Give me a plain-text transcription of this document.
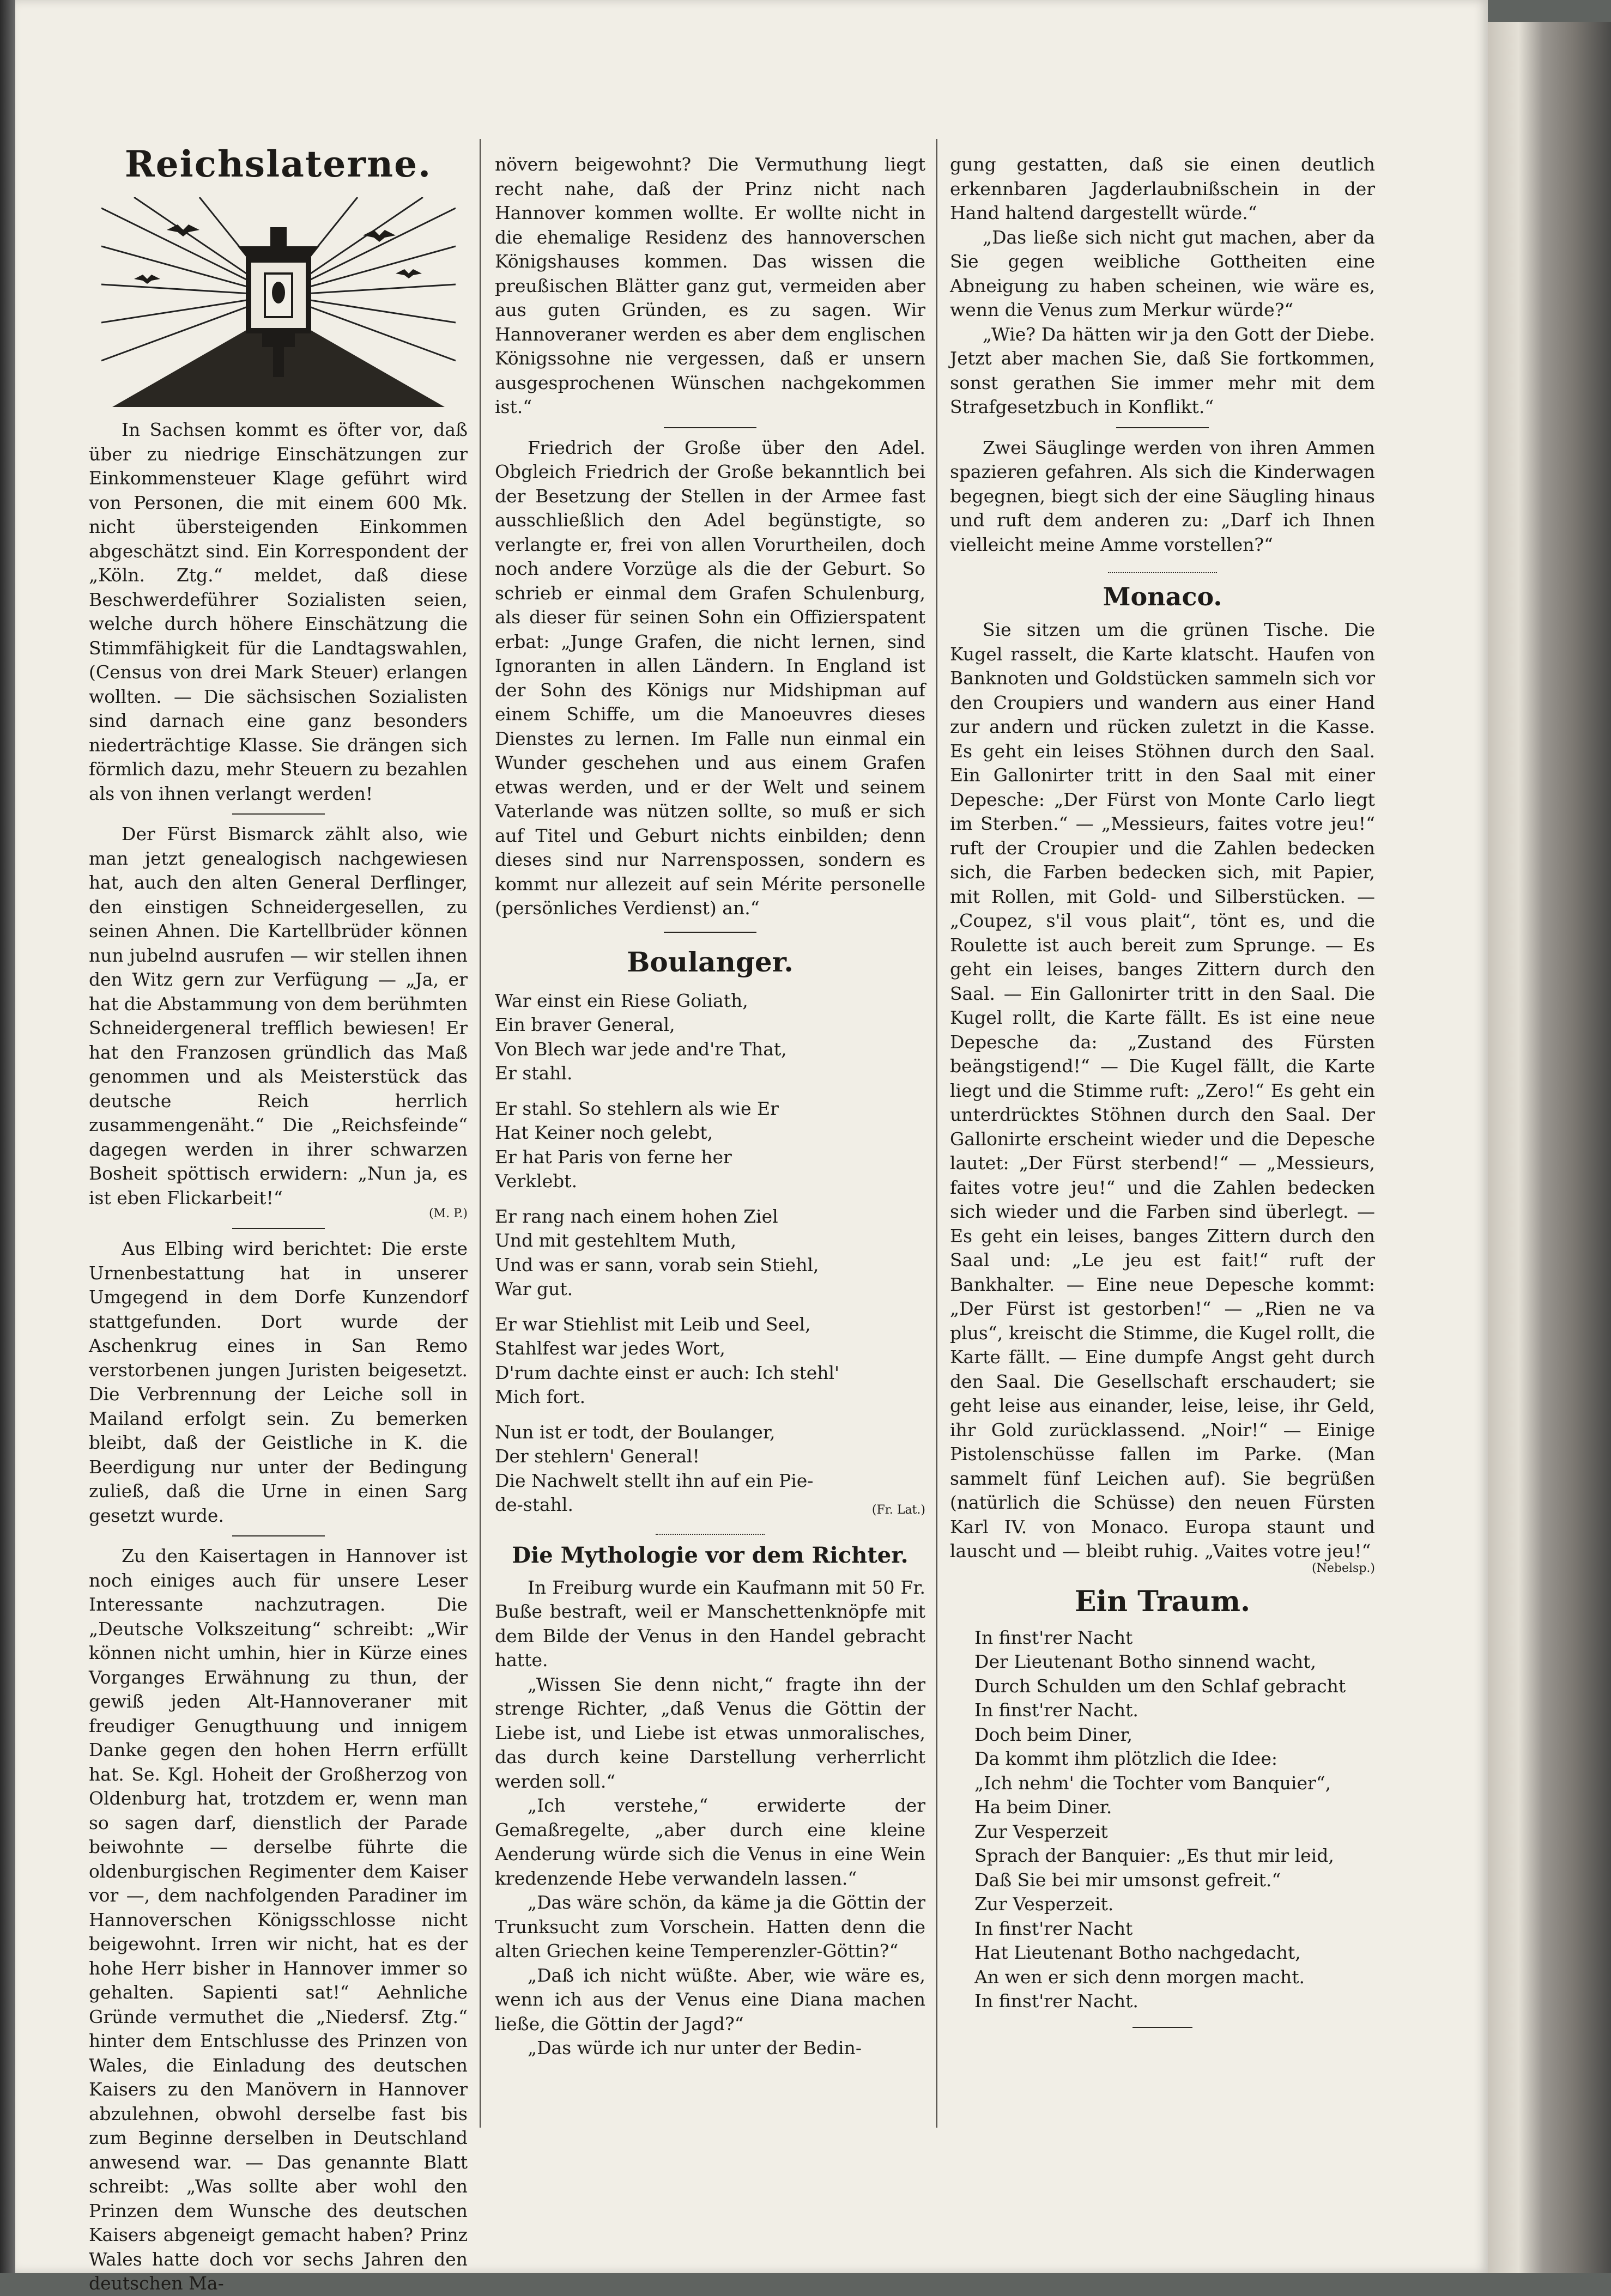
Reichslaterne.

In Sachsen kommt es öfter vor, daß über zu niedrige Einschätzungen zur Einkommensteuer Klage geführt wird von Personen, die mit einem 600 Mk. nicht übersteigenden Einkommen abgeschätzt sind. Ein Korrespondent der „Köln. Ztg.“ meldet, daß diese Beschwerdeführer Sozialisten seien, welche durch höhere Einschätzung die Stimmfähigkeit für die Landtagswahlen, (Census von drei Mark Steuer) erlangen wollten. — Die sächsischen Sozialisten sind darnach eine ganz besonders niederträchtige Klasse. Sie drängen sich förmlich dazu, mehr Steuern zu bezahlen als von ihnen verlangt werden!

Der Fürst Bismarck zählt also, wie man jetzt genealogisch nachgewiesen hat, auch den alten General Derflinger, den einstigen Schneidergesellen, zu seinen Ahnen. Die Kartellbrüder können nun jubelnd ausrufen — wir stellen ihnen den Witz gern zur Verfügung — „Ja, er hat die Abstammung von dem berühmten Schneidergeneral trefflich bewiesen! Er hat den Franzosen gründlich das Maß genommen und als Meisterstück das deutsche Reich herrlich zusammengenäht.“ Die „Reichsfeinde“ dagegen werden in ihrer schwarzen Bosheit spöttisch erwidern: „Nun ja, es ist eben Flickarbeit!“

(M. P.)

Aus Elbing wird berichtet: Die erste Urnenbestattung hat in unserer Umgegend in dem Dorfe Kunzendorf stattgefunden. Dort wurde der Aschenkrug eines in San Remo verstorbenen jungen Juristen beigesetzt. Die Verbrennung der Leiche soll in Mailand erfolgt sein. Zu bemerken bleibt, daß der Geistliche in K. die Beerdigung nur unter der Bedingung zuließ, daß die Urne in einen Sarg gesetzt wurde.

Zu den Kaisertagen in Hannover ist noch einiges auch für unsere Leser Interessante nachzutragen. Die „Deutsche Volkszeitung“ schreibt: „Wir können nicht umhin, hier in Kürze eines Vorganges Erwähnung zu thun, der gewiß jeden Alt-Hannoveraner mit freudiger Genugthuung und innigem Danke gegen den hohen Herrn erfüllt hat. Se. Kgl. Hoheit der Großherzog von Oldenburg hat, trotzdem er, wenn man so sagen darf, dienstlich der Parade beiwohnte — derselbe führte die oldenburgischen Regimenter dem Kaiser vor —, dem nachfolgenden Paradiner im Hannoverschen Königsschlosse nicht beigewohnt. Irren wir nicht, hat es der hohe Herr bisher in Hannover immer so gehalten. Sapienti sat!“ Aehnliche Gründe vermuthet die „Niedersf. Ztg.“ hinter dem Entschlusse des Prinzen von Wales, die Einladung des deutschen Kaisers zu den Manövern in Hannover abzulehnen, obwohl derselbe fast bis zum Beginne derselben in Deutschland anwesend war. — Das genannte Blatt schreibt: „Was sollte aber wohl den Prinzen dem Wunsche des deutschen Kaisers abgeneigt gemacht haben? Prinz Wales hatte doch vor sechs Jahren den deutschen Ma-

növern beigewohnt? Die Vermuthung liegt recht nahe, daß der Prinz nicht nach Hannover kommen wollte. Er wollte nicht in die ehemalige Residenz des hannoverschen Königshauses kommen. Das wissen die preußischen Blätter ganz gut, vermeiden aber aus guten Gründen, es zu sagen. Wir Hannoveraner werden es aber dem englischen Königssohne nie vergessen, daß er unsern ausgesprochenen Wünschen nachgekommen ist.“

Friedrich der Große über den Adel. Obgleich Friedrich der Große bekanntlich bei der Besetzung der Stellen in der Armee fast ausschließlich den Adel begünstigte, so verlangte er, frei von allen Vorurtheilen, doch noch andere Vorzüge als die der Geburt. So schrieb er einmal dem Grafen Schulenburg, als dieser für seinen Sohn ein Offizierspatent erbat: „Junge Grafen, die nicht lernen, sind Ignoranten in allen Ländern. In England ist der Sohn des Königs nur Midshipman auf einem Schiffe, um die Manoeuvres dieses Dienstes zu lernen. Im Falle nun einmal ein Wunder geschehen und aus einem Grafen etwas werden, und er der Welt und seinem Vaterlande was nützen sollte, so muß er sich auf Titel und Geburt nichts einbilden; denn dieses sind nur Narrenspossen, sondern es kommt nur allezeit auf sein Mérite personelle (persönliches Verdienst) an.“

Boulanger.

War einst ein Riese Goliath,

Ein braver General,

Von Blech war jede and're That,

Er stahl.

Er stahl. So stehlern als wie Er

Hat Keiner noch gelebt,

Er hat Paris von ferne her

Verklebt.

Er rang nach einem hohen Ziel

Und mit gestehltem Muth,

Und was er sann, vorab sein Stiehl,

War gut.

Er war Stiehlist mit Leib und Seel,

Stahlfest war jedes Wort,

D'rum dachte einst er auch: Ich stehl'

Mich fort.

Nun ist er todt, der Boulanger,

Der stehlern' General!

Die Nachwelt stellt ihn auf ein Pie-

de-stahl.	(Fr. Lat.)

Die Mythologie vor dem Richter.

In Freiburg wurde ein Kaufmann mit 50 Fr. Buße bestraft, weil er Manschettenknöpfe mit dem Bilde der Venus in den Handel gebracht hatte.

„Wissen Sie denn nicht,“ fragte ihn der strenge Richter, „daß Venus die Göttin der Liebe ist, und Liebe ist etwas unmoralisches, das durch keine Darstellung verherrlicht werden soll.“

„Ich verstehe,“ erwiderte der Gemaßregelte, „aber durch eine kleine Aenderung würde sich die Venus in eine Wein kredenzende Hebe verwandeln lassen.“

„Das wäre schön, da käme ja die Göttin der Trunksucht zum Vorschein. Hatten denn die alten Griechen keine Temperenzler-Göttin?“

„Daß ich nicht wüßte. Aber, wie wäre es, wenn ich aus der Venus eine Diana machen ließe, die Göttin der Jagd?“

„Das würde ich nur unter der Bedin-

gung gestatten, daß sie einen deutlich erkennbaren Jagderlaubnißschein in der Hand haltend dargestellt würde.“

„Das ließe sich nicht gut machen, aber da Sie gegen weibliche Gottheiten eine Abneigung zu haben scheinen, wie wäre es, wenn die Venus zum Merkur würde?“

„Wie? Da hätten wir ja den Gott der Diebe. Jetzt aber machen Sie, daß Sie fortkommen, sonst gerathen Sie immer mehr mit dem Strafgesetzbuch in Konflikt.“

Zwei Säuglinge werden von ihren Ammen spazieren gefahren. Als sich die Kinderwagen begegnen, biegt sich der eine Säugling hinaus und ruft dem anderen zu: „Darf ich Ihnen vielleicht meine Amme vorstellen?“

Monaco.

Sie sitzen um die grünen Tische. Die Kugel rasselt, die Karte klatscht. Haufen von Banknoten und Goldstücken sammeln sich vor den Croupiers und wandern aus einer Hand zur andern und rücken zuletzt in die Kasse. Es geht ein leises Stöhnen durch den Saal. Ein Gallonirter tritt in den Saal mit einer Depesche: „Der Fürst von Monte Carlo liegt im Sterben.“ — „Messieurs, faites votre jeu!“ ruft der Croupier und die Zahlen bedecken sich, die Farben bedecken sich, mit Papier, mit Rollen, mit Gold- und Silberstücken. — „Coupez, s'il vous plait“, tönt es, und die Roulette ist auch bereit zum Sprunge. — Es geht ein leises, banges Zittern durch den Saal. — Ein Gallonirter tritt in den Saal. Die Kugel rollt, die Karte fällt. Es ist eine neue Depesche da: „Zustand des Fürsten beängstigend!“ — Die Kugel fällt, die Karte liegt und die Stimme ruft: „Zero!“ Es geht ein unterdrücktes Stöhnen durch den Saal. Der Gallonirte erscheint wieder und die Depesche lautet: „Der Fürst sterbend!“ — „Messieurs, faites votre jeu!“ und die Zahlen bedecken sich wieder und die Farben sind überlegt. — Es geht ein leises, banges Zittern durch den Saal und: „Le jeu est fait!“ ruft der Bankhalter. — Eine neue Depesche kommt: „Der Fürst ist gestorben!“ — „Rien ne va plus“, kreischt die Stimme, die Kugel rollt, die Karte fällt. — Eine dumpfe Angst geht durch den Saal. Die Gesellschaft erschaudert; sie geht leise aus einander, leise, leise, ihr Geld, ihr Gold zurücklassend. „Noir!“ — Einige Pistolenschüsse fallen im Parke. (Man sammelt fünf Leichen auf). Sie begrüßen (natürlich die Schüsse) den neuen Fürsten Karl IV. von Monaco. Europa staunt und lauscht und — bleibt ruhig. „Vaites votre jeu!“

(Nebelsp.)
Ein Traum.

In finst'rer Nacht

Der Lieutenant Botho sinnend wacht,

Durch Schulden um den Schlaf gebracht

In finst'rer Nacht.

Doch beim Diner,

Da kommt ihm plötzlich die Idee:

„Ich nehm' die Tochter vom Banquier“,

Ha beim Diner.

Zur Vesperzeit

Sprach der Banquier: „Es thut mir leid,

Daß Sie bei mir umsonst gefreit.“

Zur Vesperzeit.

In finst'rer Nacht

Hat Lieutenant Botho nachgedacht,

An wen er sich denn morgen macht.

In finst'rer Nacht.
